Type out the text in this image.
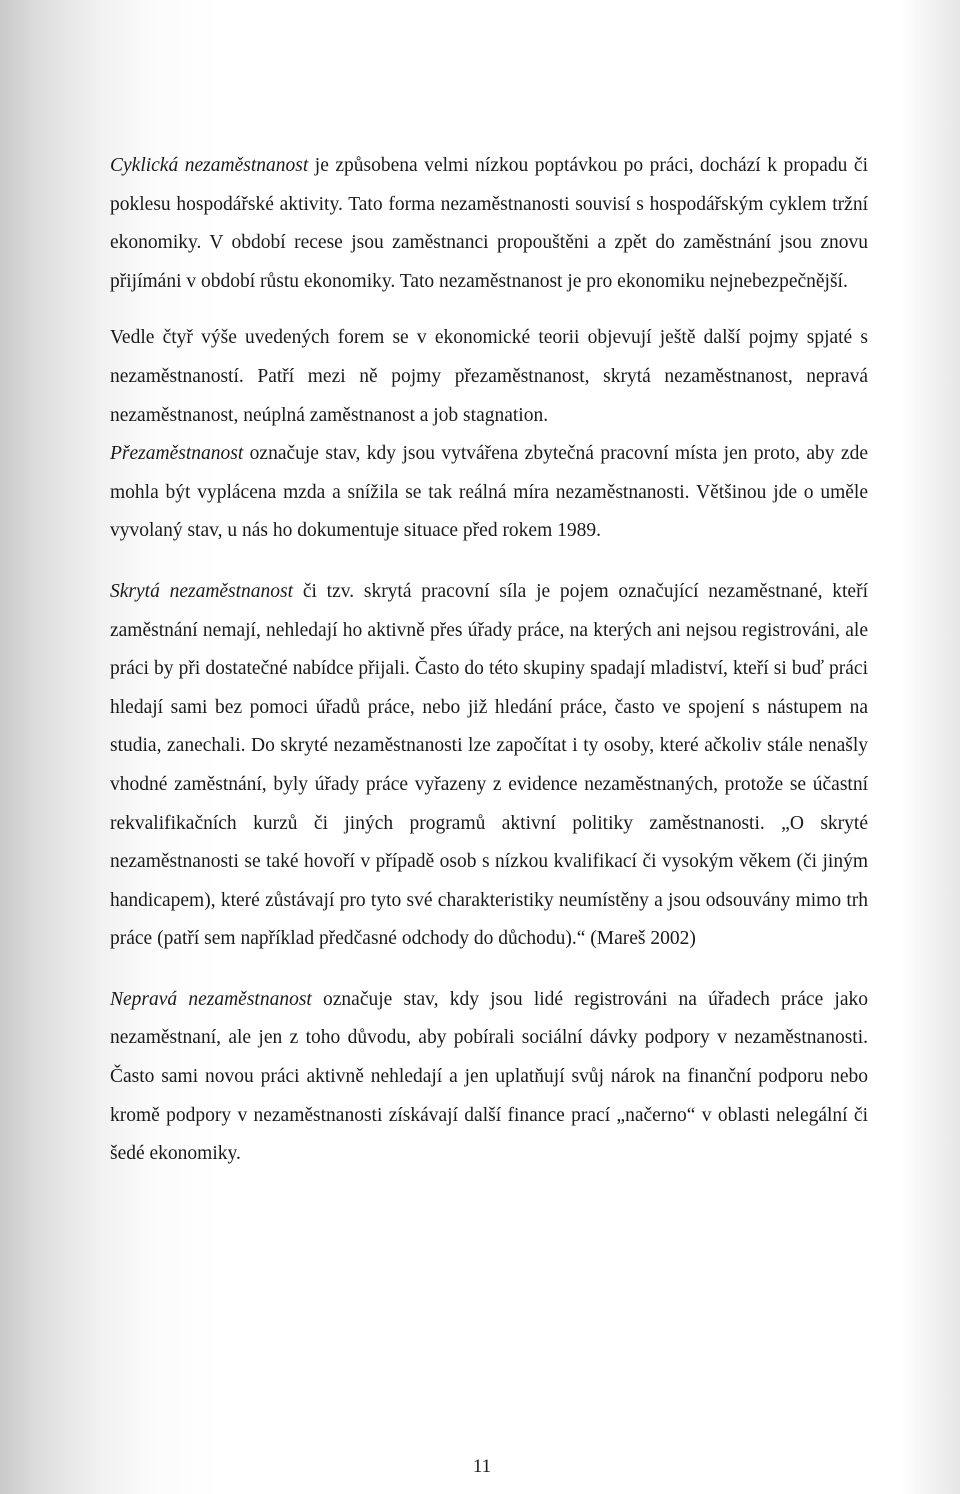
Cyklická nezaměstnanost je způsobena velmi nízkou poptávkou po práci, dochází k propadu či poklesu hospodářské aktivity. Tato forma nezaměstnanosti souvisí s hospodářským cyklem tržní ekonomiky. V období recese jsou zaměstnanci propouštěni a zpět do zaměstnání jsou znovu přijímáni v období růstu ekonomiky. Tato nezaměstnanost je pro ekonomiku nejnebezpečnější.

Vedle čtyř výše uvedených forem se v ekonomické teorii objevují ještě další pojmy spjaté s nezaměstnaností. Patří mezi ně pojmy přezaměstnanost, skrytá nezaměstnanost, nepravá nezaměstnanost, neúplná zaměstnanost a job stagnation.

Přezaměstnanost označuje stav, kdy jsou vytvářena zbytečná pracovní místa jen proto, aby zde mohla být vyplácena mzda a snížila se tak reálná míra nezaměstnanosti. Většinou jde o uměle vyvolaný stav, u nás ho dokumentuje situace před rokem 1989.

Skrytá nezaměstnanost či tzv. skrytá pracovní síla je pojem označující nezaměstnané, kteří zaměstnání nemají, nehledají ho aktivně přes úřady práce, na kterých ani nejsou registrováni, ale práci by při dostatečné nabídce přijali. Často do této skupiny spadají mladiství, kteří si buď práci hledají sami bez pomoci úřadů práce, nebo již hledání práce, často ve spojení s nástupem na studia, zanechali. Do skryté nezaměstnanosti lze započítat i ty osoby, které ačkoliv stále nenašly vhodné zaměstnání, byly úřady práce vyřazeny z evidence nezaměstnaných, protože se účastní rekvalifikačních kurzů či jiných programů aktivní politiky zaměstnanosti. „O skryté nezaměstnanosti se také hovoří v případě osob s nízkou kvalifikací či vysokým věkem (či jiným handicapem), které zůstávají pro tyto své charakteristiky neumístěny a jsou odsouvány mimo trh práce (patří sem například předčasné odchody do důchodu).“ (Mareš 2002)

Nepravá nezaměstnanost označuje stav, kdy jsou lidé registrováni na úřadech práce jako nezaměstnaní, ale jen z toho důvodu, aby pobírali sociální dávky podpory v nezaměstnanosti. Často sami novou práci aktivně nehledají a jen uplatňují svůj nárok na finanční podporu nebo kromě podpory v nezaměstnanosti získávají další finance prací „načerno“ v oblasti nelegální či šedé ekonomiky.

11
